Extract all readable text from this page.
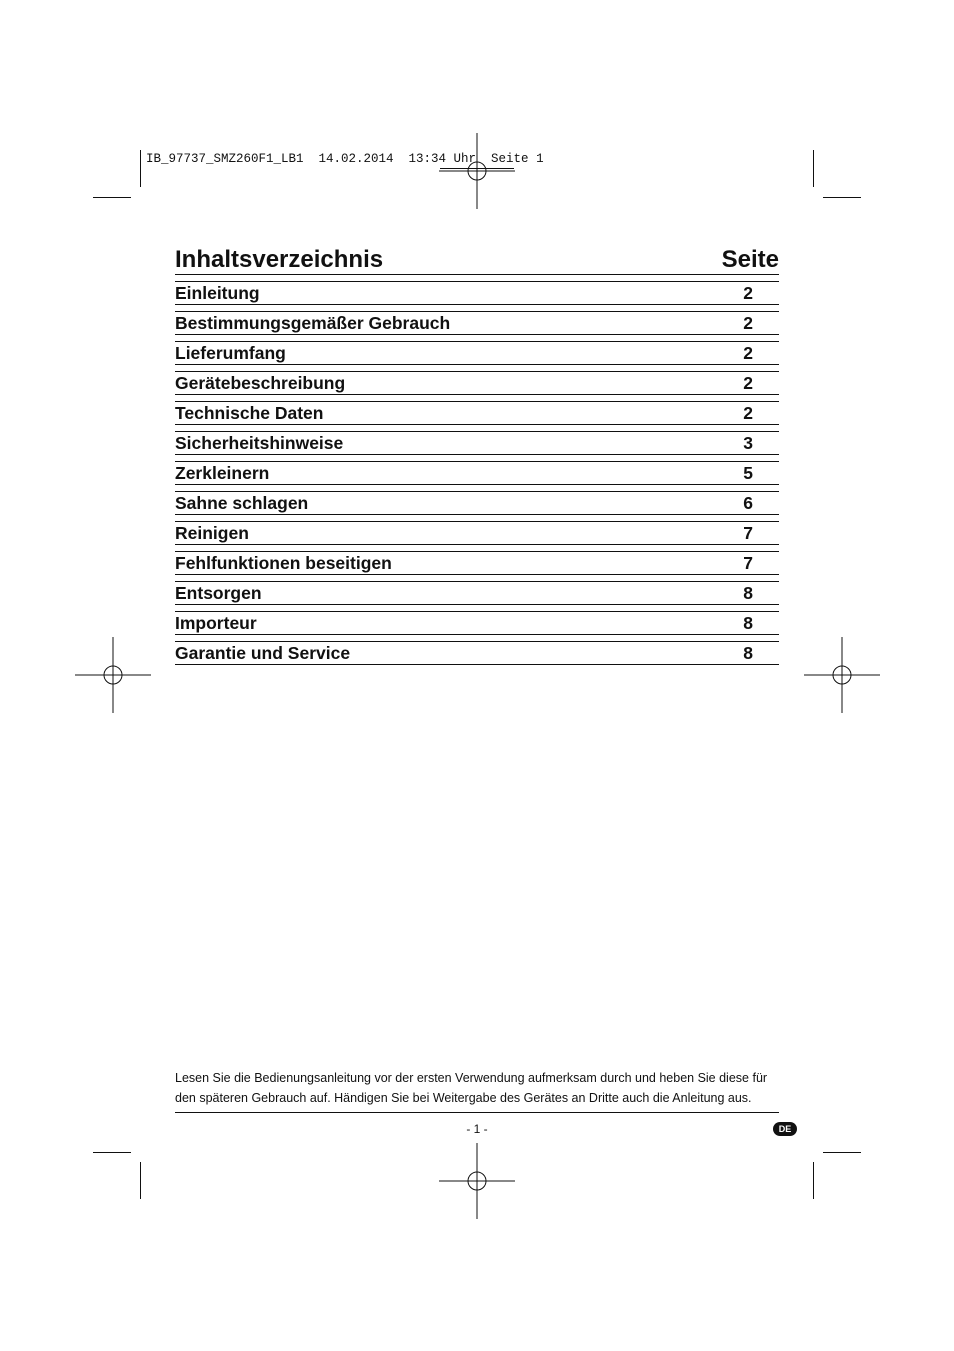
IB_97737_SMZ260F1_LB1  14.02.2014  13:34 Uhr  Seite 1
Inhaltsverzeichnis	Seite
Einleitung	2
Bestimmungsgemäßer Gebrauch	2
Lieferumfang	2
Gerätebeschreibung	2
Technische Daten	2
Sicherheitshinweise	3
Zerkleinern	5
Sahne schlagen	6
Reinigen	7
Fehlfunktionen beseitigen	7
Entsorgen	8
Importeur	8
Garantie und Service	8
Lesen Sie die Bedienungsanleitung vor der ersten Verwendung aufmerksam durch und heben Sie diese für
den späteren Gebrauch auf. Händigen Sie bei Weitergabe des Gerätes an Dritte auch die Anleitung aus.
- 1 -	DE
